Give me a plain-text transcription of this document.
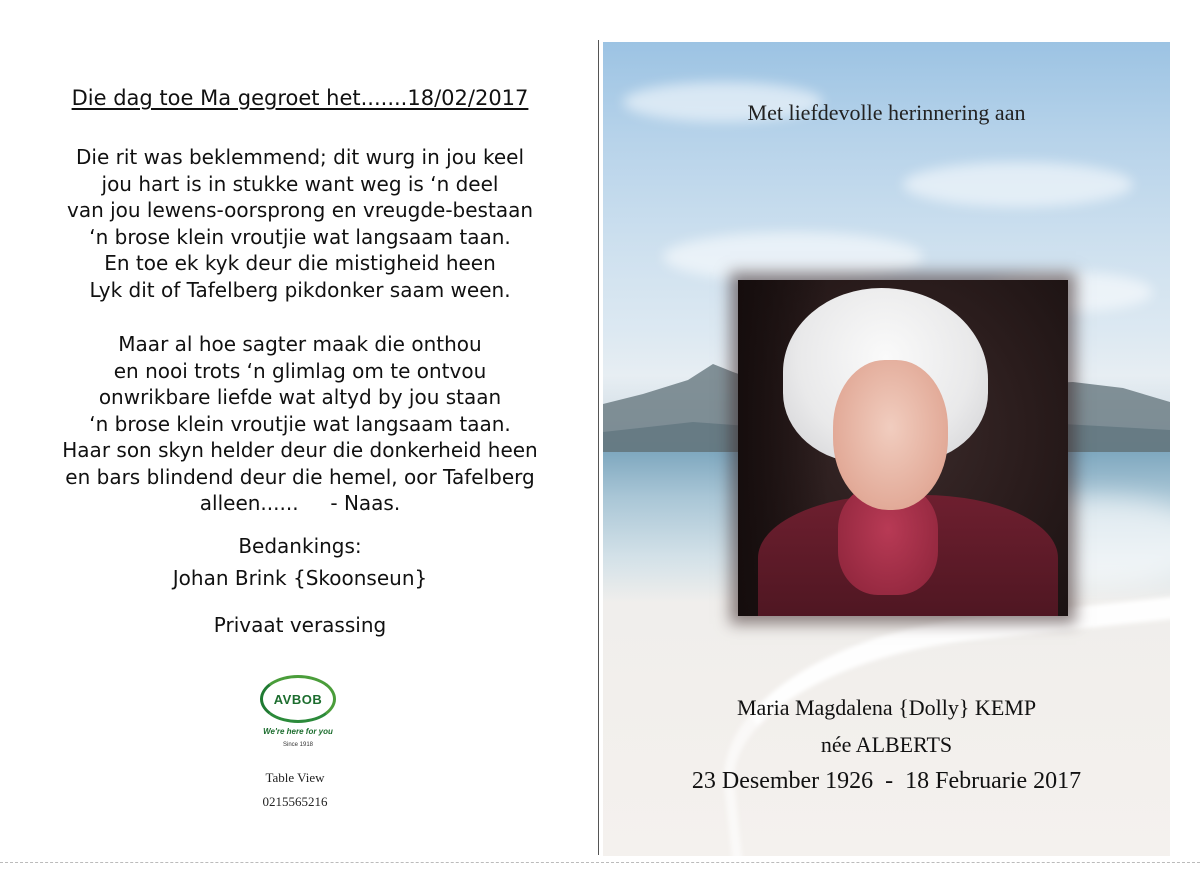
Die dag toe Ma gegroet het.......18/02/2017
Die rit was beklemmend; dit wurg in jou keel
jou hart is in stukke want weg is ‘n deel
van jou lewens-oorsprong en vreugde-bestaan
‘n brose klein vroutjie wat langsaam taan.
En toe ek kyk deur die mistigheid heen
Lyk dit of Tafelberg pikdonker saam ween.
Maar al hoe sagter maak die onthou
en nooi trots ‘n glimlag om te ontvou
onwrikbare liefde wat altyd by jou staan
‘n brose klein vroutjie wat langsaam taan.
Haar son skyn helder deur die donkerheid heen
en bars blindend deur die hemel, oor Tafelberg
alleen......     - Naas.
Bedankings:
Johan Brink {Skoonseun}
Privaat verassing
AVBOB
We're here for you
Since 1918
Table View
0215565216
Met liefdevolle herinnering aan
Maria Magdalena {Dolly} KEMP
née ALBERTS
23 Desember 1926  -  18 Februarie 2017
